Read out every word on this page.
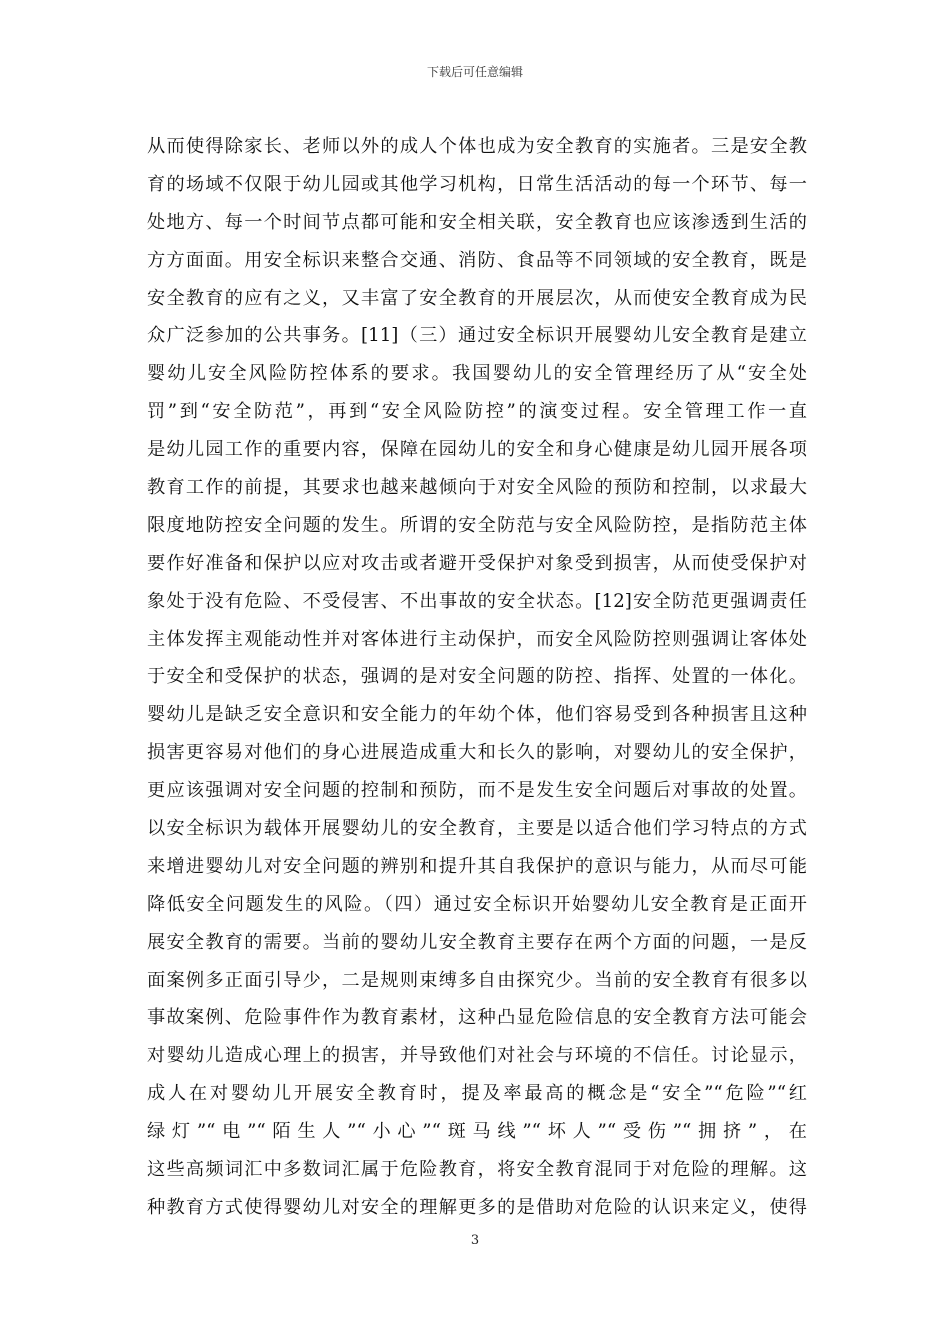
下载后可任意编辑
从而使得除家长、老师以外的成人个体也成为安全教育的实施者。三是安全教
育的场域不仅限于幼儿园或其他学习机构，日常生活活动的每一个环节、每一
处地方、每一个时间节点都可能和安全相关联，安全教育也应该渗透到生活的
方方面面。用安全标识来整合交通、消防、食品等不同领域的安全教育，既是
安全教育的应有之义，又丰富了安全教育的开展层次，从而使安全教育成为民
众广泛参加的公共事务。[11]（三）通过安全标识开展婴幼儿安全教育是建立
婴幼儿安全风险防控体系的要求。我国婴幼儿的安全管理经历了从“安全处
罚”到“安全防范”，再到“安全风险防控”的演变过程。安全管理工作一直
是幼儿园工作的重要内容，保障在园幼儿的安全和身心健康是幼儿园开展各项
教育工作的前提，其要求也越来越倾向于对安全风险的预防和控制，以求最大
限度地防控安全问题的发生。所谓的安全防范与安全风险防控，是指防范主体
要作好准备和保护以应对攻击或者避开受保护对象受到损害，从而使受保护对
象处于没有危险、不受侵害、不出事故的安全状态。[12]安全防范更强调责任
主体发挥主观能动性并对客体进行主动保护，而安全风险防控则强调让客体处
于安全和受保护的状态，强调的是对安全问题的防控、指挥、处置的一体化。
婴幼儿是缺乏安全意识和安全能力的年幼个体，他们容易受到各种损害且这种
损害更容易对他们的身心进展造成重大和长久的影响，对婴幼儿的安全保护，
更应该强调对安全问题的控制和预防，而不是发生安全问题后对事故的处置。
以安全标识为载体开展婴幼儿的安全教育，主要是以适合他们学习特点的方式
来增进婴幼儿对安全问题的辨别和提升其自我保护的意识与能力，从而尽可能
降低安全问题发生的风险。（四）通过安全标识开始婴幼儿安全教育是正面开
展安全教育的需要。当前的婴幼儿安全教育主要存在两个方面的问题，一是反
面案例多正面引导少，二是规则束缚多自由探究少。当前的安全教育有很多以
事故案例、危险事件作为教育素材，这种凸显危险信息的安全教育方法可能会
对婴幼儿造成心理上的损害，并导致他们对社会与环境的不信任。讨论显示，
成人在对婴幼儿开展安全教育时，提及率最高的概念是“安全”“危险”“红
绿灯”“电”“陌生人”“小心”“斑马线”“坏人”“受伤”“拥挤”，在
这些高频词汇中多数词汇属于危险教育，将安全教育混同于对危险的理解。这
种教育方式使得婴幼儿对安全的理解更多的是借助对危险的认识来定义，使得
3
